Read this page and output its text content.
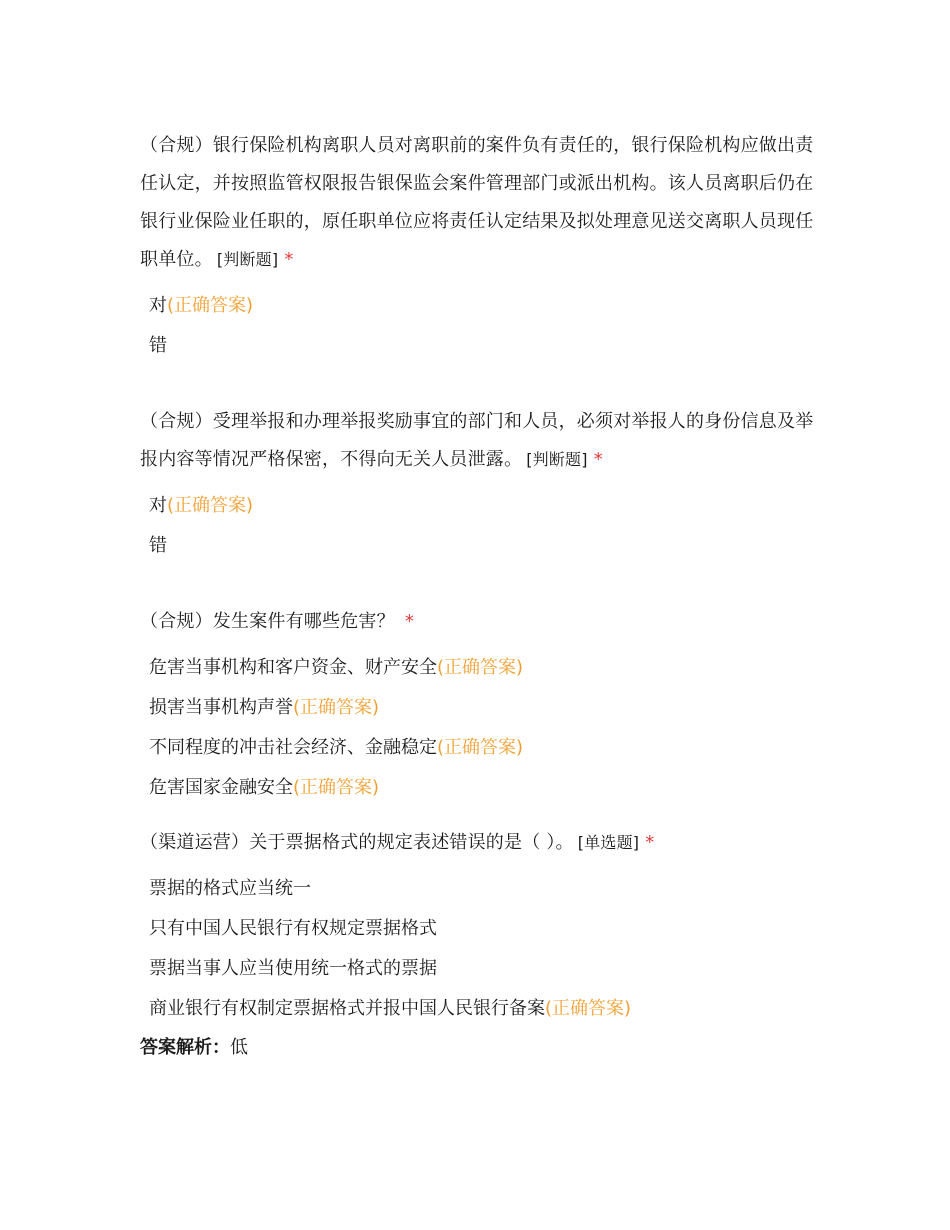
（合规）银行保险机构离职人员对离职前的案件负有责任的，银行保险机构应做出责任认定，并按照监管权限报告银保监会案件管理部门或派出机构。该人员离职后仍在银行业保险业任职的，原任职单位应将责任认定结果及拟处理意见送交离职人员现任职单位。 [判断题] *
对(正确答案)
错
（合规）受理举报和办理举报奖励事宜的部门和人员，必须对举报人的身份信息及举报内容等情况严格保密，不得向无关人员泄露。 [判断题] *
对(正确答案)
错
（合规）发生案件有哪些危害？ *
危害当事机构和客户资金、财产安全(正确答案)
损害当事机构声誉(正确答案)
不同程度的冲击社会经济、金融稳定(正确答案)
危害国家金融安全(正确答案)
（渠道运营）关于票据格式的规定表述错误的是（ ）。 [单选题] *
票据的格式应当统一
只有中国人民银行有权规定票据格式
票据当事人应当使用统一格式的票据
商业银行有权制定票据格式并报中国人民银行备案(正确答案)
答案解析：低
